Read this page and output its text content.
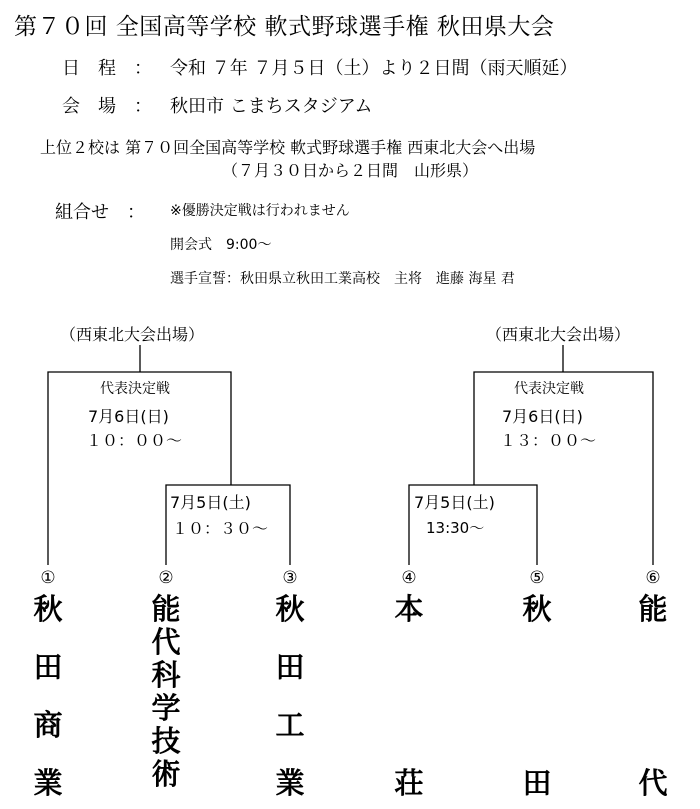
第７０回 全国高等学校 軟式野球選手権 秋田県大会
日　程　： 令和 ７年 ７月５日（土）より２日間（雨天順延）
会　場　： 秋田市 こまちスタジアム
上位２校は 第７０回全国高等学校 軟式野球選手権 西東北大会へ出場
（７月３０日から２日間　山形県）
組合せ　： ※優勝決定戦は行われません
開会式　9:00～
選手宣誓：秋田県立秋田工業高校　主将　進藤 海星 君
（西東北大会出場）
代表決定戦
7月6日(日)
１０：００～
7月5日(土)
１０：３０～
（西東北大会出場）
代表決定戦
7月6日(日)
１３：００～
7月5日(土)
13:30～
①	②	③	④	⑤	⑥
秋
田
商
業
能
代
科
学
技
術
秋
田
工
業
本
荘
秋
田
能
代
